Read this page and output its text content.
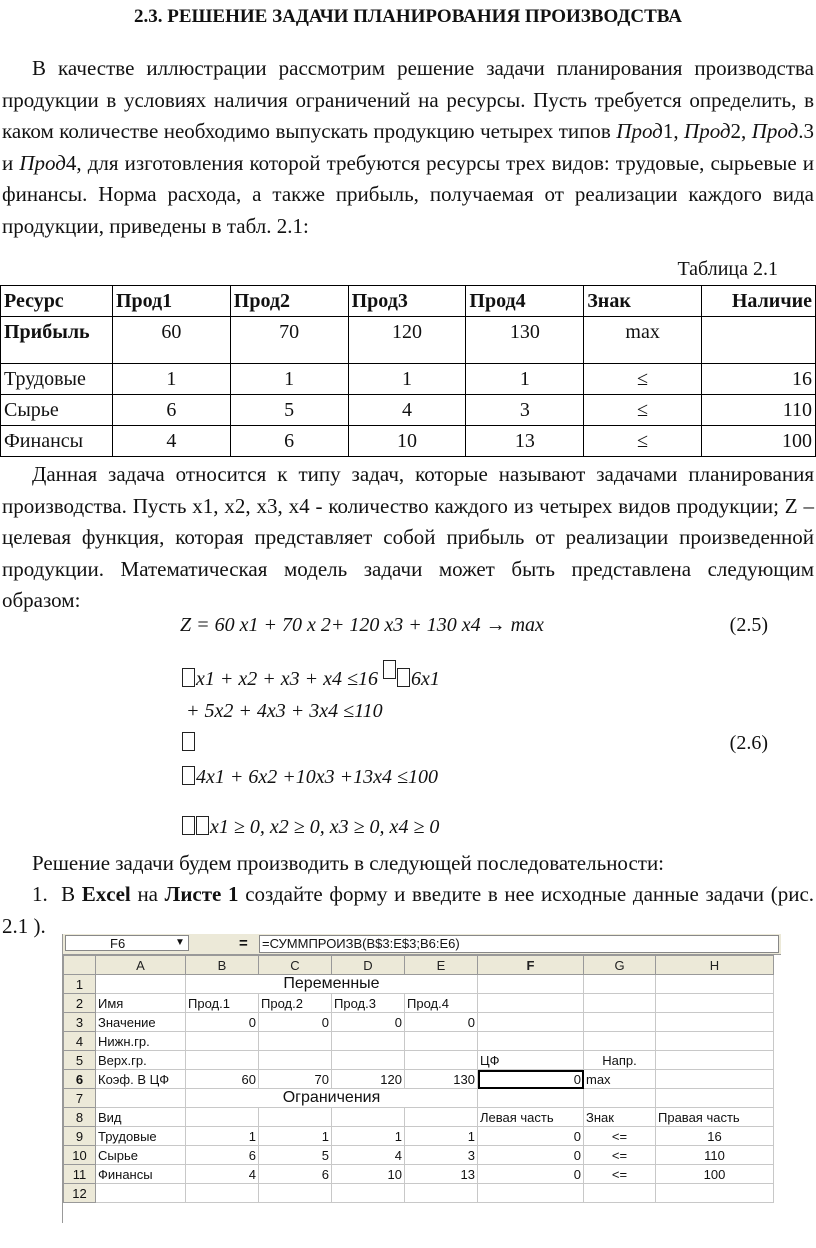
2.3. РЕШЕНИЕ ЗАДАЧИ ПЛАНИРОВАНИЯ ПРОИЗВОДСТВА
В качестве иллюстрации рассмотрим решение задачи планирования производства продукции в условиях наличия ограничений на ресурсы. Пусть требуется определить, в каком количестве необходимо выпускать продукцию четырех типов Прод1, Прод2, Прод.3 и Прод4, для изготовления которой требуются ресурсы трех видов: трудовые, сырьевые и финансы. Норма расхода, а также прибыль, получаемая от реализации каждого вида продукции, приведены в табл. 2.1:
Таблица 2.1
Ресурс	Прод1	Прод2	Прод3	Прод4	Знак	Наличие
Прибыль	60	70	120	130	max	
Трудовые	1	1	1	1	≤	16
Сырье	6	5	4	3	≤	110
Финансы	4	6	10	13	≤	100
Данная задача относится к типу задач, которые называют задачами планирования производства. Пусть x1, x2, x3, x4 - количество каждого из четырех видов продукции; Z – целевая функция, которая представляет собой прибыль от реализации произведенной продукции. Математическая модель задачи может быть представлена следующим образом:
Z = 60 x1 + 70 x 2+ 120 x3 + 130 x4 → max	(2.5)
x1 + x2 + x3 + x4 ≤16 6x1
+ 5x2 + 4x3 + 3x4 ≤110
(2.6)
4x1 + 6x2 +10x3 +13x4 ≤100
x1 ≥ 0, x2 ≥ 0, x3 ≥ 0, x4 ≥ 0
Решение задачи будем производить в следующей последовательности:
1. В Excel на Листе 1 создайте форму и введите в нее исходные данные задачи (рис. 2.1 ).
F6	▼	= =СУММПРОИЗВ(B$3:E$3;B6:E6)
	A	B	C	D	E	F	G	H
1		Переменные						
2	Имя	Прод.1	Прод.2	Прод.3	Прод.4			
3	Значение	0	0	0	0			
4	Нижн.гр.							
5	Верх.гр.					ЦФ	Напр.	
6	Коэф. В ЦФ	60	70	120	130	0	max	
7		Ограничения						
8	Вид					Левая часть	Знак	Правая часть
9	Трудовые	1	1	1	1	0	<=	16
10	Сырье	6	5	4	3	0	<=	110
11	Финансы	4	6	10	13	0	<=	100
12								
